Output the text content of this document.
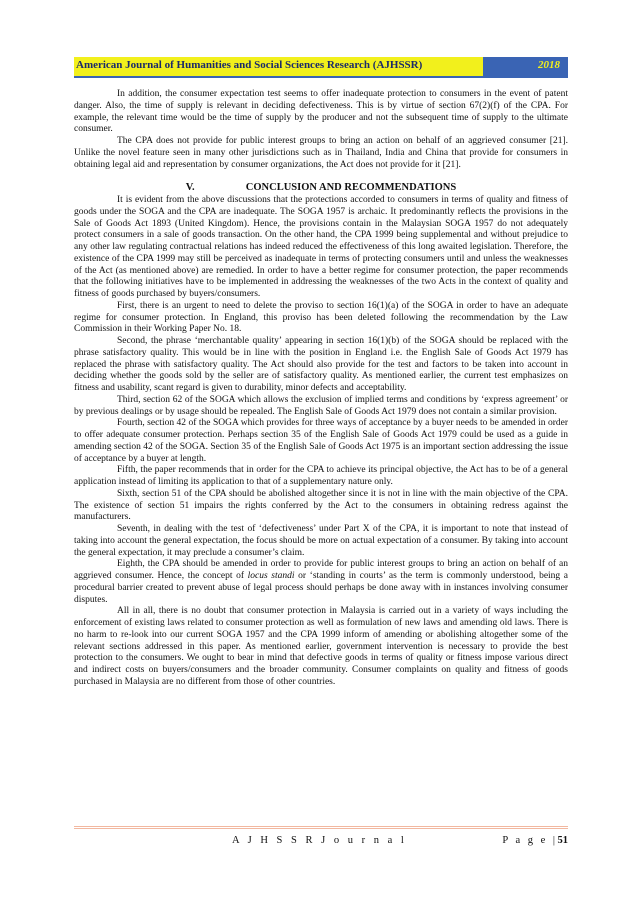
American Journal of Humanities and Social Sciences Research (AJHSSR)	2018

In addition, the consumer expectation test seems to offer inadequate protection to consumers in the event of patent danger. Also, the time of supply is relevant in deciding defectiveness. This is by virtue of section 67(2)(f) of the CPA. For example, the relevant time would be the time of supply by the producer and not the subsequent time of supply to the ultimate consumer.

The CPA does not provide for public interest groups to bring an action on behalf of an aggrieved consumer [21]. Unlike the novel feature seen in many other jurisdictions such as in Thailand, India and China that provide for consumers in obtaining legal aid and representation by consumer organizations, the Act does not provide for it [21].

V.	CONCLUSION AND RECOMMENDATIONS

It is evident from the above discussions that the protections accorded to consumers in terms of quality and fitness of goods under the SOGA and the CPA are inadequate. The SOGA 1957 is archaic. It predominantly reflects the provisions in the Sale of Goods Act 1893 (United Kingdom). Hence, the provisions contain in the Malaysian SOGA 1957 do not adequately protect consumers in a sale of goods transaction. On the other hand, the CPA 1999 being supplemental and without prejudice to any other law regulating contractual relations has indeed reduced the effectiveness of this long awaited legislation. Therefore, the existence of the CPA 1999 may still be perceived as inadequate in terms of protecting consumers until and unless the weaknesses of the Act (as mentioned above) are remedied. In order to have a better regime for consumer protection, the paper recommends that the following initiatives have to be implemented in addressing the weaknesses of the two Acts in the context of quality and fitness of goods purchased by buyers/consumers.

First, there is an urgent to need to delete the proviso to section 16(1)(a) of the SOGA in order to have an adequate regime for consumer protection. In England, this proviso has been deleted following the recommendation by the Law Commission in their Working Paper No. 18.

Second, the phrase ‘merchantable quality’ appearing in section 16(1)(b) of the SOGA should be replaced with the phrase satisfactory quality. This would be in line with the position in England i.e. the English Sale of Goods Act 1979 has replaced the phrase with satisfactory quality. The Act should also provide for the test and factors to be taken into account in deciding whether the goods sold by the seller are of satisfactory quality. As mentioned earlier, the current test emphasizes on fitness and usability, scant regard is given to durability, minor defects and acceptability.

Third, section 62 of the SOGA which allows the exclusion of implied terms and conditions by ‘express agreement’ or by previous dealings or by usage should be repealed. The English Sale of Goods Act 1979 does not contain a similar provision.

Fourth, section 42 of the SOGA which provides for three ways of acceptance by a buyer needs to be amended in order to offer adequate consumer protection. Perhaps section 35 of the English Sale of Goods Act 1979 could be used as a guide in amending section 42 of the SOGA. Section 35 of the English Sale of Goods Act 1975 is an important section addressing the issue of acceptance by a buyer at length.

Fifth, the paper recommends that in order for the CPA to achieve its principal objective, the Act has to be of a general application instead of limiting its application to that of a supplementary nature only.

Sixth, section 51 of the CPA should be abolished altogether since it is not in line with the main objective of the CPA. The existence of section 51 impairs the rights conferred by the Act to the consumers in obtaining redress against the manufacturers.

Seventh, in dealing with the test of ‘defectiveness’ under Part X of the CPA, it is important to note that instead of taking into account the general expectation, the focus should be more on actual expectation of a consumer. By taking into account the general expectation, it may preclude a consumer’s claim.

Eighth, the CPA should be amended in order to provide for public interest groups to bring an action on behalf of an aggrieved consumer. Hence, the concept of locus standi or ‘standing in courts’ as the term is commonly understood, being a procedural barrier created to prevent abuse of legal process should perhaps be done away with in instances involving consumer disputes.

All in all, there is no doubt that consumer protection in Malaysia is carried out in a variety of ways including the enforcement of existing laws related to consumer protection as well as formulation of new laws and amending old laws. There is no harm to re-look into our current SOGA 1957 and the CPA 1999 inform of amending or abolishing altogether some of the relevant sections addressed in this paper. As mentioned earlier, government intervention is necessary to provide the best protection to the consumers. We ought to bear in mind that defective goods in terms of quality or fitness impose various direct and indirect costs on buyers/consumers and the broader community. Consumer complaints on quality and fitness of goods purchased in Malaysia are no different from those of other countries.

A J H S S R J o u r n a l	P a g e |51
